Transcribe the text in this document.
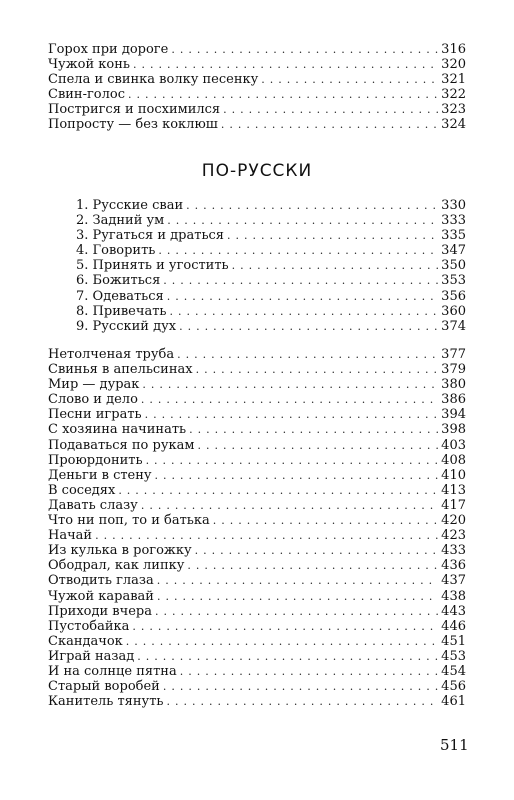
Горох при дороге .....	316
Чужой конь .....	320
Спела и свинка волку песенку .....	321
Свин-голос .....	322
Постригся и посхимился .....	323
Попросту — без коклюш .....	324
ПО-РУССКИ
1. Русские сваи .....	330
2. Задний ум .....	333
3. Ругаться и драться .....	335
4. Говорить .....	347
5. Принять и угостить .....	350
6. Божиться .....	353
7. Одеваться .....	356
8. Привечать .....	360
9. Русский дух .....	374
Нетолченая труба .....	377
Свинья в апельсинах .....	379
Мир — дурак .....	380
Слово и дело .....	386
Песни играть .....	394
С хозяина начинать .....	398
Подаваться по рукам .....	403
Проюрдонить .....	408
Деньги в стену .....	410
В соседях .....	413
Давать слазу .....	417
Что ни поп, то и батька .....	420
Начай .....	423
Из кулька в рогожку .....	433
Ободрал, как липку .....	436
Отводить глаза .....	437
Чужой каравай .....	438
Приходи вчера .....	443
Пустобайка .....	446
Скандачок .....	451
Играй назад .....	453
И на солнце пятна .....	454
Старый воробей .....	456
Канитель тянуть .....	461
511
